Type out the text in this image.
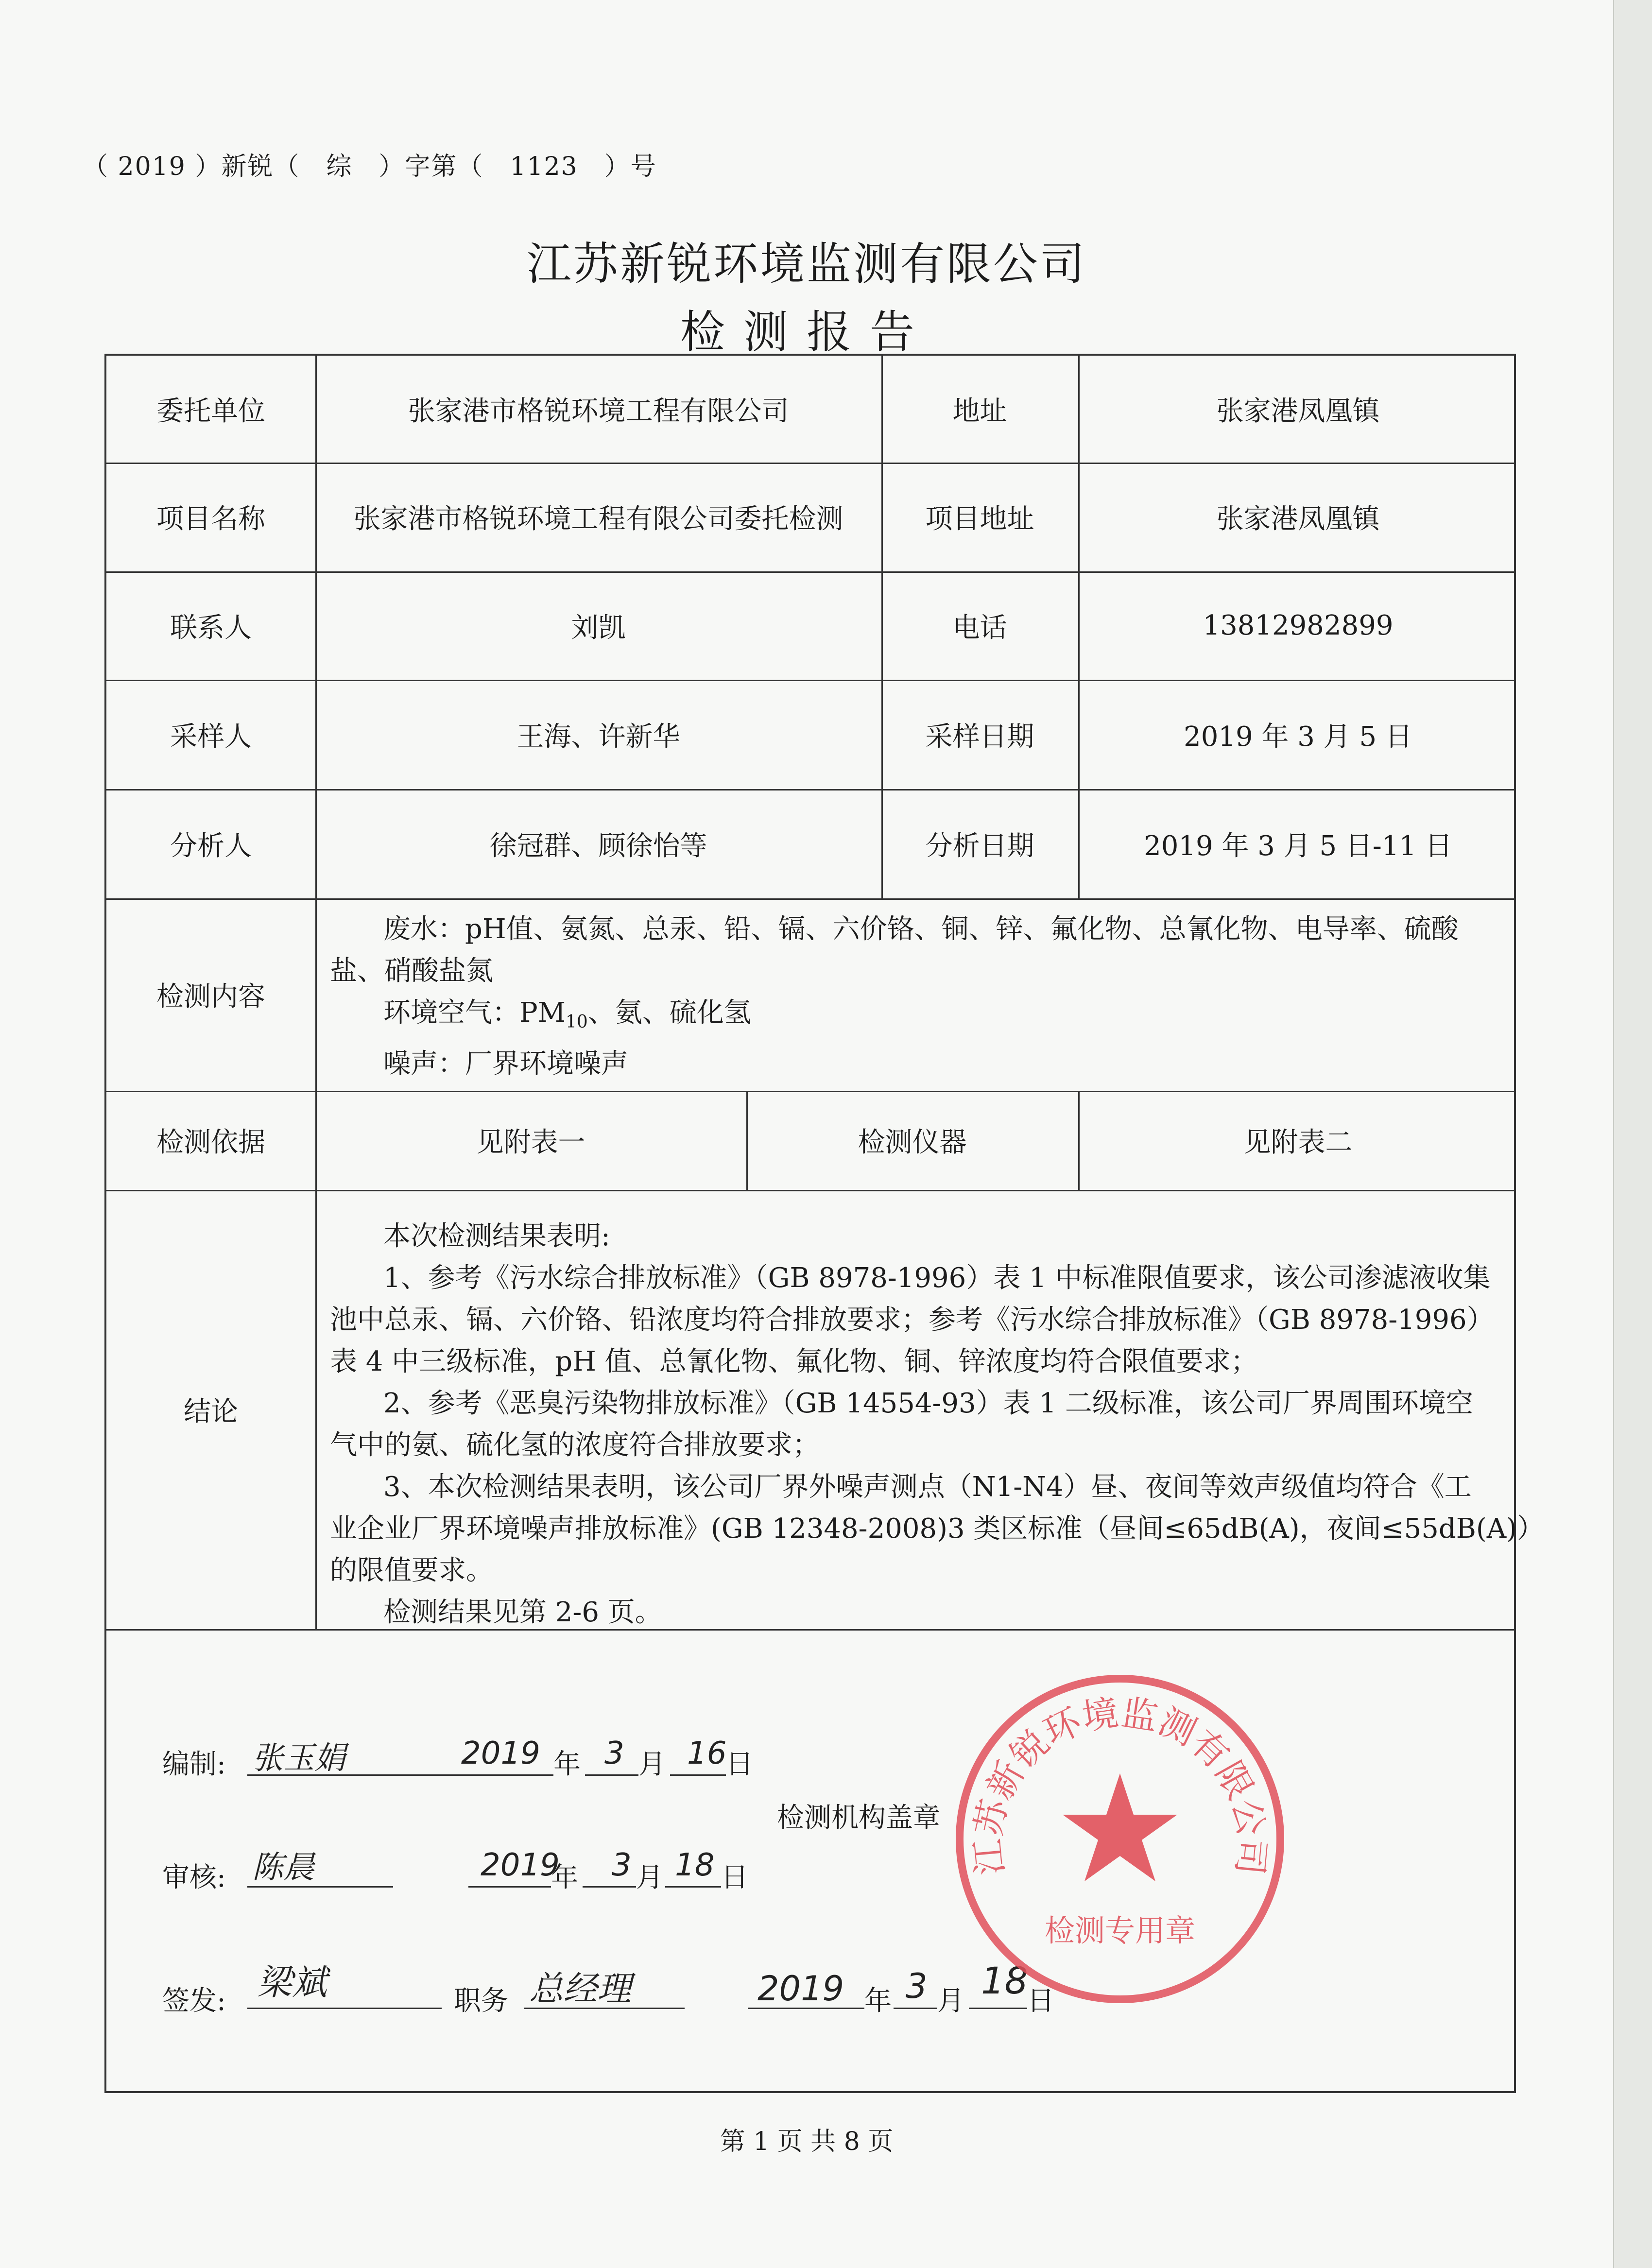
（ 2019 ）新锐（　综　）字第（　1123　）号
江苏新锐环境监测有限公司
检测报告
委托单位	张家港市格锐环境工程有限公司	地址	张家港凤凰镇
项目名称	张家港市格锐环境工程有限公司委托检测	项目地址	张家港凤凰镇
联系人	刘凯	电话	13812982899
采样人	王海、许新华	采样日期	2019 年 3 月 5 日
分析人	徐冠群、顾徐怡等	分析日期	2019 年 3 月 5 日-11 日
检测内容

废水：pH值、氨氮、总汞、铅、镉、六价铬、铜、锌、氟化物、总氰化物、电导率、硫酸

盐、硝酸盐氮

环境空气：$PM_{10}$、氨、硫化氢

噪声：厂界环境噪声

检测依据	见附表一	检测仪器	见附表二
结论

本次检测结果表明:

1、参考《污水综合排放标准》（GB 8978-1996）表 1 中标准限值要求，该公司渗滤液收集

池中总汞、镉、六价铬、铅浓度均符合排放要求；参考《污水综合排放标准》（GB 8978-1996）

表 4 中三级标准，pH 值、总氰化物、氟化物、铜、锌浓度均符合限值要求；

2、参考《恶臭污染物排放标准》（GB 14554-93）表 1 二级标准，该公司厂界周围环境空

气中的氨、硫化氢的浓度符合排放要求；

3、本次检测结果表明，该公司厂界外噪声测点（N1-N4）昼、夜间等效声级值均符合《工

业企业厂界环境噪声排放标准》(GB 12348-2008)3 类区标准（昼间≤65dB(A)，夜间≤55dB(A)）

的限值要求。

检测结果见第 2-6 页。

编制: 张玉娟	2019 年 3 月 16
日
检测机构盖章
审核: 陈晨	2019
年 3 月 18 日
签发: 梁斌	职务 总经理	2019 年 3 月 18
日
江苏新锐环境监测有限公司
检测专用章
第 1 页 共 8 页
